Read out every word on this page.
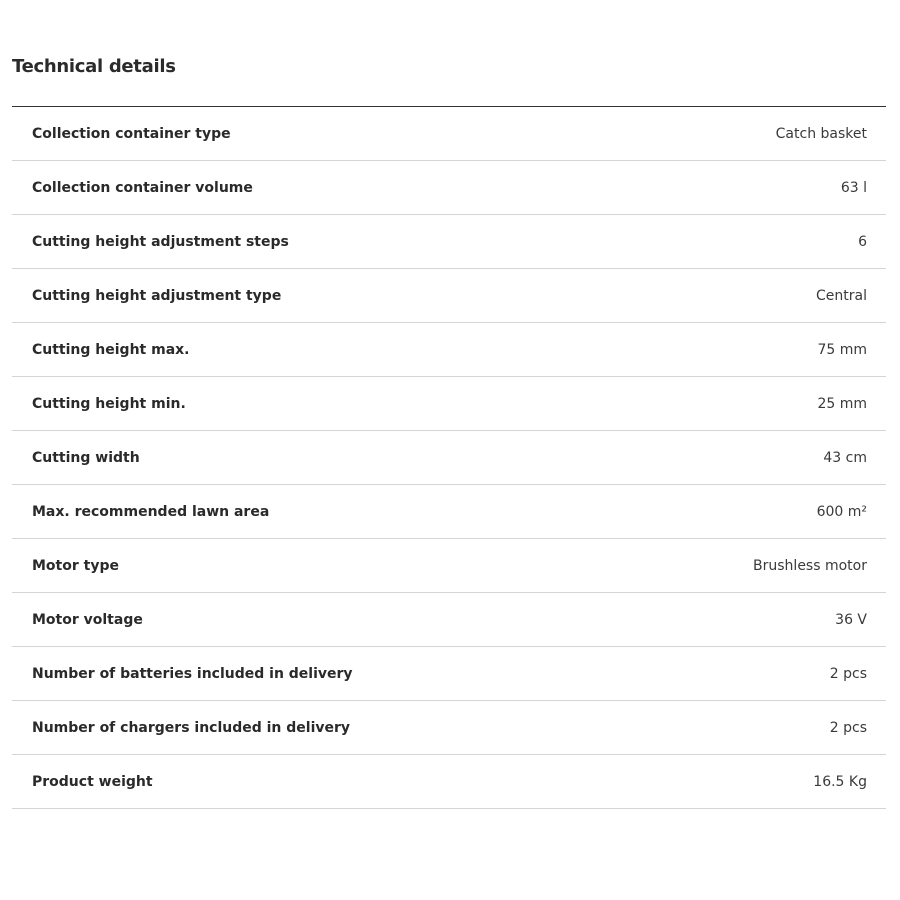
Technical details
Collection container type	Catch basket
Collection container volume	63 l
Cutting height adjustment steps	6
Cutting height adjustment type	Central
Cutting height max.	75 mm
Cutting height min.	25 mm
Cutting width	43 cm
Max. recommended lawn area	600 m²
Motor type	Brushless motor
Motor voltage	36 V
Number of batteries included in delivery	2 pcs
Number of chargers included in delivery	2 pcs
Product weight	16.5 Kg
